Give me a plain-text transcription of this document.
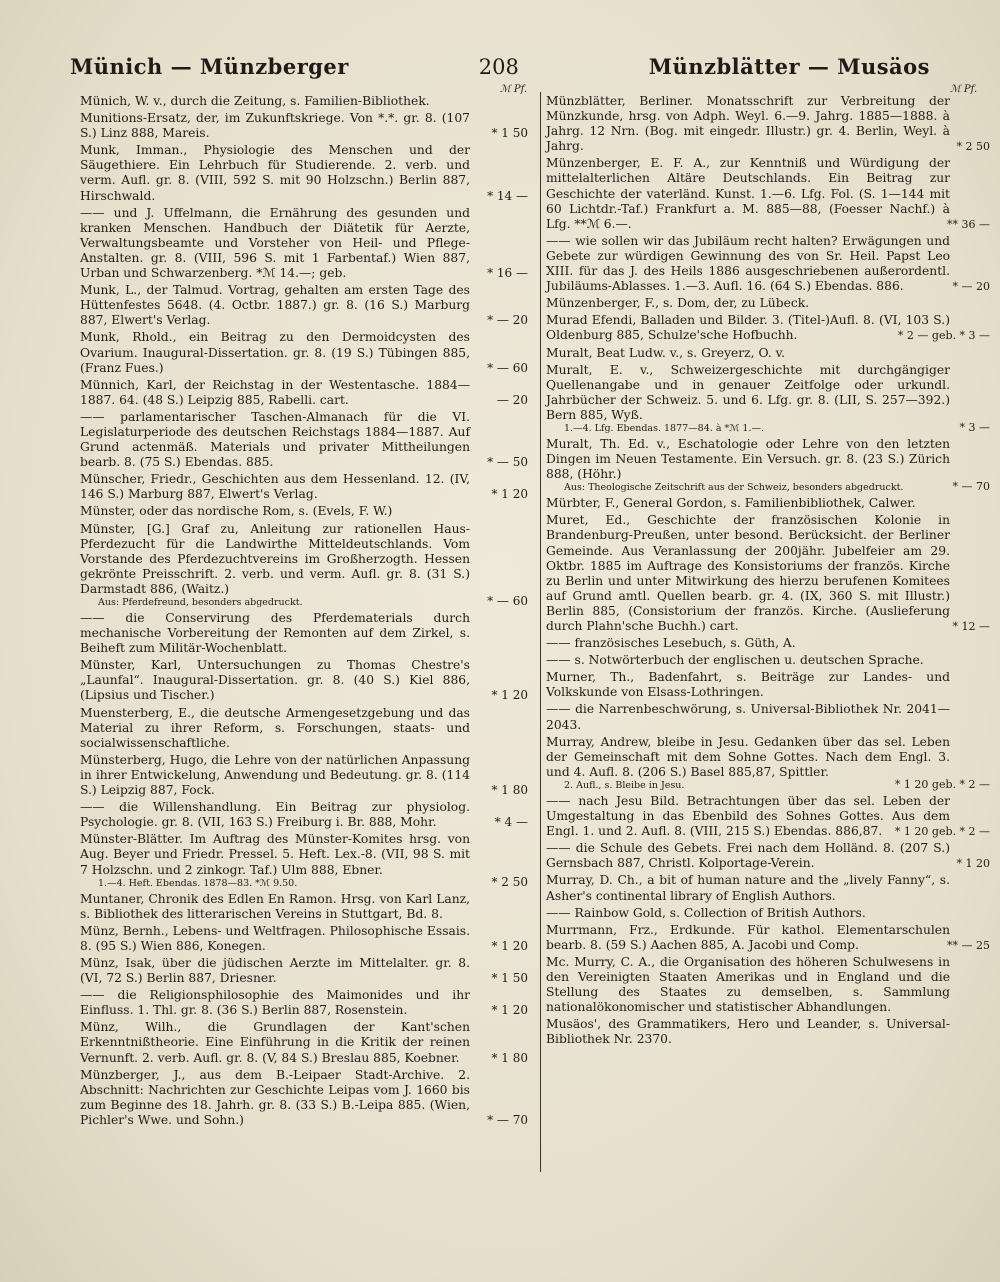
Münich — Münzberger	208	Münzblätter — Musäos
ℳ Pf.	ℳ Pf.
Münich, W. v., durch die Zeitung, s. Familien-Bibliothek.
Munitions-Ersatz, der, im Zukunftskriege. Von *.*. gr. 8. (107 S.) Linz 888, Mareis.	* 1 50
Munk, Imman., Physiologie des Menschen und der Säugethiere. Ein Lehrbuch für Studierende. 2. verb. und verm. Aufl. gr. 8. (VIII, 592 S. mit 90 Holzschn.) Berlin 887, Hirschwald.	* 14 —
—— und J. Uffelmann, die Ernährung des gesunden und kranken Menschen. Handbuch der Diätetik für Aerzte, Verwaltungsbeamte und Vorsteher von Heil- und Pflege-Anstalten. gr. 8. (VIII, 596 S. mit 1 Farbentaf.) Wien 887, Urban und Schwarzenberg. *ℳ 14.—; geb.	* 16 —
Munk, L., der Talmud. Vortrag, gehalten am ersten Tage des Hüttenfestes 5648. (4. Octbr. 1887.) gr. 8. (16 S.) Marburg 887, Elwert's Verlag.	* — 20
Munk, Rhold., ein Beitrag zu den Dermoidcysten des Ovarium. Inaugural-Dissertation. gr. 8. (19 S.) Tübingen 885, (Franz Fues.)	* — 60
Münnich, Karl, der Reichstag in der Westentasche. 1884—1887. 64. (48 S.) Leipzig 885, Rabelli. cart.	— 20
—— parlamentarischer Taschen-Almanach für die VI. Legislaturperiode des deutschen Reichstags 1884—1887. Auf Grund actenmäß. Materials und privater Mittheilungen bearb. 8. (75 S.) Ebendas. 885.	* — 50
Münscher, Friedr., Geschichten aus dem Hessenland. 12. (IV, 146 S.) Marburg 887, Elwert's Verlag.	* 1 20
Münster, oder das nordische Rom, s. (Evels, F. W.)
Münster, [G.] Graf zu, Anleitung zur rationellen Haus-Pferdezucht für die Landwirthe Mitteldeutschlands. Vom Vorstande des Pferdezuchtvereins im Großherzogth. Hessen gekrönte Preisschrift. 2. verb. und verm. Aufl. gr. 8. (31 S.) Darmstadt 886, (Waitz.)
Aus: Pferdefreund, besonders abgedruckt.	* — 60
—— die Conservirung des Pferdematerials durch mechanische Vorbereitung der Remonten auf dem Zirkel, s. Beiheft zum Militär-Wochenblatt.
Münster, Karl, Untersuchungen zu Thomas Chestre's „Launfal“. Inaugural-Dissertation. gr. 8. (40 S.) Kiel 886, (Lipsius und Tischer.)	* 1 20
Muensterberg, E., die deutsche Armengesetzgebung und das Material zu ihrer Reform, s. Forschungen, staats- und socialwissenschaftliche.
Münsterberg, Hugo, die Lehre von der natürlichen Anpassung in ihrer Entwickelung, Anwendung und Bedeutung. gr. 8. (114 S.) Leipzig 887, Fock.	* 1 80
—— die Willenshandlung. Ein Beitrag zur physiolog. Psychologie. gr. 8. (VII, 163 S.) Freiburg i. Br. 888, Mohr.	* 4 —
Münster-Blätter. Im Auftrag des Münster-Komites hrsg. von Aug. Beyer und Friedr. Pressel. 5. Heft. Lex.-8. (VII, 98 S. mit 7 Holzschn. und 2 zinkogr. Taf.) Ulm 888, Ebner.
1.—4. Heft. Ebendas. 1878—83. *ℳ 9.50.	* 2 50
Muntaner, Chronik des Edlen En Ramon. Hrsg. von Karl Lanz, s. Bibliothek des litterarischen Vereins in Stuttgart, Bd. 8.
Münz, Bernh., Lebens- und Weltfragen. Philosophische Essais. 8. (95 S.) Wien 886, Konegen.	* 1 20
Münz, Isak, über die jüdischen Aerzte im Mittelalter. gr. 8. (VI, 72 S.) Berlin 887, Driesner.	* 1 50
—— die Religionsphilosophie des Maimonides und ihr Einfluss. 1. Thl. gr. 8. (36 S.) Berlin 887, Rosenstein.	* 1 20
Münz, Wilh., die Grundlagen der Kant'schen Erkenntnißtheorie. Eine Einführung in die Kritik der reinen Vernunft. 2. verb. Aufl. gr. 8. (V, 84 S.) Breslau 885, Koebner.	* 1 80
Münzberger, J., aus dem B.-Leipaer Stadt-Archive. 2. Abschnitt: Nachrichten zur Geschichte Leipas vom J. 1660 bis zum Beginne des 18. Jahrh. gr. 8. (33 S.) B.-Leipa 885. (Wien, Pichler's Wwe. und Sohn.)	* — 70
Münzblätter, Berliner. Monatsschrift zur Verbreitung der Münzkunde, hrsg. von Adph. Weyl. 6.—9. Jahrg. 1885—1888. à Jahrg. 12 Nrn. (Bog. mit eingedr. Illustr.) gr. 4. Berlin, Weyl. à Jahrg.	* 2 50
Münzenberger, E. F. A., zur Kenntniß und Würdigung der mittelalterlichen Altäre Deutschlands. Ein Beitrag zur Geschichte der vaterländ. Kunst. 1.—6. Lfg. Fol. (S. 1—144 mit 60 Lichtdr.-Taf.) Frankfurt a. M. 885—88, (Foesser Nachf.) à Lfg. **ℳ 6.—.	** 36 —
—— wie sollen wir das Jubiläum recht halten? Erwägungen und Gebete zur würdigen Gewinnung des von Sr. Heil. Papst Leo XIII. für das J. des Heils 1886 ausgeschriebenen außerordentl. Jubiläums-Ablasses. 1.—3. Aufl. 16. (64 S.) Ebendas. 886.	* — 20
Münzenberger, F., s. Dom, der, zu Lübeck.
Murad Efendi, Balladen und Bilder. 3. (Titel-)Aufl. 8. (VI, 103 S.) Oldenburg 885, Schulze'sche Hofbuchh.	* 2 — geb. * 3 —
Muralt, Beat Ludw. v., s. Greyerz, O. v.
Muralt, E. v., Schweizergeschichte mit durchgängiger Quellenangabe und in genauer Zeitfolge oder urkundl. Jahrbücher der Schweiz. 5. und 6. Lfg. gr. 8. (LII, S. 257—392.) Bern 885, Wyß.
1.—4. Lfg. Ebendas. 1877—84. à *ℳ 1.—.	* 3 —
Muralt, Th. Ed. v., Eschatologie oder Lehre von den letzten Dingen im Neuen Testamente. Ein Versuch. gr. 8. (23 S.) Zürich 888, (Höhr.)
Aus: Theologische Zeitschrift aus der Schweiz, besonders abgedruckt.	* — 70
Mürbter, F., General Gordon, s. Familienbibliothek, Calwer.
Muret, Ed., Geschichte der französischen Kolonie in Brandenburg-Preußen, unter besond. Berücksicht. der Berliner Gemeinde. Aus Veranlassung der 200jähr. Jubelfeier am 29. Oktbr. 1885 im Auftrage des Konsistoriums der französ. Kirche zu Berlin und unter Mitwirkung des hierzu berufenen Komitees auf Grund amtl. Quellen bearb. gr. 4. (IX, 360 S. mit Illustr.) Berlin 885, (Consistorium der französ. Kirche. (Auslieferung durch Plahn'sche Buchh.) cart.	* 12 —
—— französisches Lesebuch, s. Güth, A.
—— s. Notwörterbuch der englischen u. deutschen Sprache.
Murner, Th., Badenfahrt, s. Beiträge zur Landes- und Volkskunde von Elsass-Lothringen.
—— die Narrenbeschwörung, s. Universal-Bibliothek Nr. 2041—2043.
Murray, Andrew, bleibe in Jesu. Gedanken über das sel. Leben der Gemeinschaft mit dem Sohne Gottes. Nach dem Engl. 3. und 4. Aufl. 8. (206 S.) Basel 885,87, Spittler.
2. Aufl., s. Bleibe in Jesu.	* 1 20 geb. * 2 —
—— nach Jesu Bild. Betrachtungen über das sel. Leben der Umgestaltung in das Ebenbild des Sohnes Gottes. Aus dem Engl. 1. und 2. Aufl. 8. (VIII, 215 S.) Ebendas. 886,87.	* 1 20 geb. * 2 —
—— die Schule des Gebets. Frei nach dem Holländ. 8. (207 S.) Gernsbach 887, Christl. Kolportage-Verein.	* 1 20
Murray, D. Ch., a bit of human nature and the „lively Fanny“, s. Asher's continental library of English Authors.
—— Rainbow Gold, s. Collection of British Authors.
Murrmann, Frz., Erdkunde. Für kathol. Elementarschulen bearb. 8. (59 S.) Aachen 885, A. Jacobi und Comp.	** — 25
Mc. Murry, C. A., die Organisation des höheren Schulwesens in den Vereinigten Staaten Amerikas und in England und die Stellung des Staates zu demselben, s. Sammlung nationalökonomischer und statistischer Abhandlungen.
Musäos', des Grammatikers, Hero und Leander, s. Universal-Bibliothek Nr. 2370.
